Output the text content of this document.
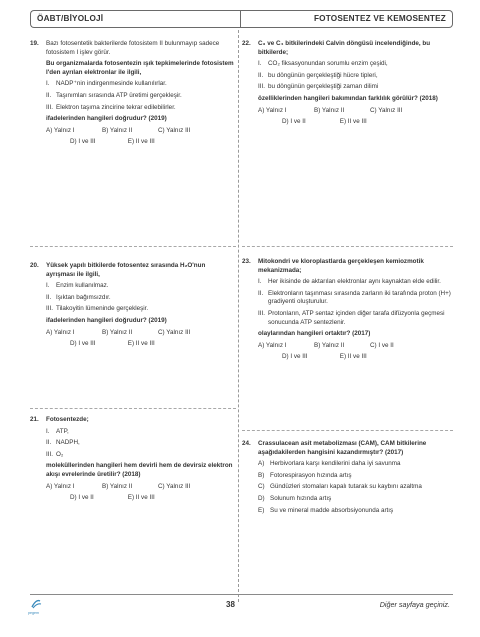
ÖABT/BİYOLOJİ	FOTOSENTEZ VE KEMOSENTEZ
19.	Bazı fotosentetik bakterilerde fotosistem II bulunmayıp sadece fotosistem I işlev görür.
Bu organizmalarda fotosentezin ışık tepkimelerinde fotosistem I'den ayrılan elektronlar ile ilgili,
I.	NADP⁺nin indirgenmesinde kullanılırlar.
II. Taşınımları sırasında ATP üretimi gerçekleşir.
III. Elektron taşıma zincirine tekrar edilebilirler.
ifadelerinden hangileri doğrudur? (2019)
A) Yalnız I	B) Yalnız II	C) Yalnız III
D) I ve III	E) II ve III
20.	Yüksek yapılı bitkilerde fotosentez sırasında H₂O'nun ayrışması ile ilgili,
I.	Enzim kullanılmaz.
II. Işıktan bağımsızdır.
III. Tilakoyitin lümeninde gerçekleşir.
ifadelerinden hangileri doğrudur? (2019)
A) Yalnız I	B) Yalnız II	C) Yalnız III
D) I ve III	E) II ve III
21.	Fotosentezde;
I.	ATP,
II. NADPH,
III. O₂
moleküllerinden hangileri hem devirli hem de devirsiz elektron akışı evrelerinde üretilir? (2018)
A) Yalnız I	B) Yalnız II	C) Yalnız III
D) I ve II	E) II ve III
22.	C₃ ve C₄ bitkilerindeki Calvin döngüsü incelendiğinde, bu bitkilerde;
I.	CO₂ fiksasyonundan sorumlu enzim çeşidi,
II. bu döngünün gerçekleştiği hücre tipleri,
III. bu döngünün gerçekleştiği zaman dilimi
özelliklerinden hangileri bakımından farklılık görülür? (2018)
A) Yalnız I	B) Yalnız II	C) Yalnız III
D) I ve II	E) II ve III
23.	Mitokondri ve kloroplastlarda gerçekleşen kemiozmotik mekanizmada;
I.	Her ikisinde de aktarılan elektronlar aynı kaynaktan elde edilir.
II. Elektronların taşınması sırasında zarların iki tarafında proton (H+) gradiyenti oluşturulur.
III. Protonların, ATP sentaz içinden diğer tarafa difüzyonla geçmesi sonucunda ATP sentezlenir.
olaylarından hangileri ortaktır? (2017)
A) Yalnız I	B) Yalnız II	C) I ve II
D) I ve III	E) II ve III
24.	Crassulacean asit metabolizması (CAM), CAM bitkilerine aşağıdakilerden hangisini kazandırmıştır? (2017)
A) Herbivorlara karşı kendilerini daha iyi savunma
B) Fotorespirasyon hızında artış
C) Gündüzleri stomaları kapalı tutarak su kaybını azaltma
D) Solunum hızında artış
E) Su ve mineral madde absorbsiyonunda artış
pegem
38	Diğer sayfaya geçiniz.
